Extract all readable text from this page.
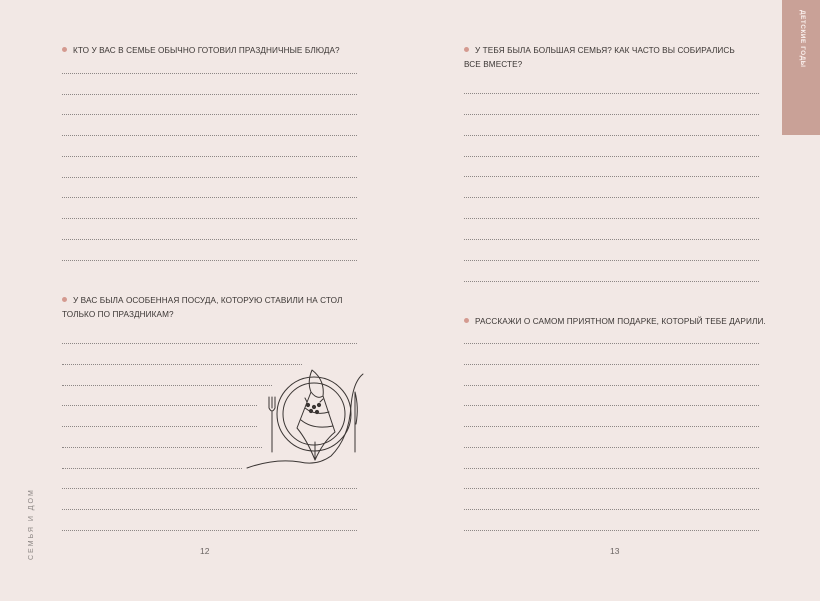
КТО У ВАС В СЕМЬЕ ОБЫЧНО ГОТОВИЛ ПРАЗДНИЧНЫЕ БЛЮДА?
У ВАС БЫЛА ОСОБЕННАЯ ПОСУДА, КОТОРУЮ СТАВИЛИ НА СТОЛ
ТОЛЬКО ПО ПРАЗДНИКАМ?
12
СЕМЬЯ И ДОМ
У ТЕБЯ БЫЛА БОЛЬШАЯ СЕМЬЯ? КАК ЧАСТО ВЫ СОБИРАЛИСЬ
ВСЕ ВМЕСТЕ?
РАССКАЖИ О САМОМ ПРИЯТНОМ ПОДАРКЕ, КОТОРЫЙ ТЕБЕ ДАРИЛИ.
13
ДЕТСКИЕ ГОДЫ
